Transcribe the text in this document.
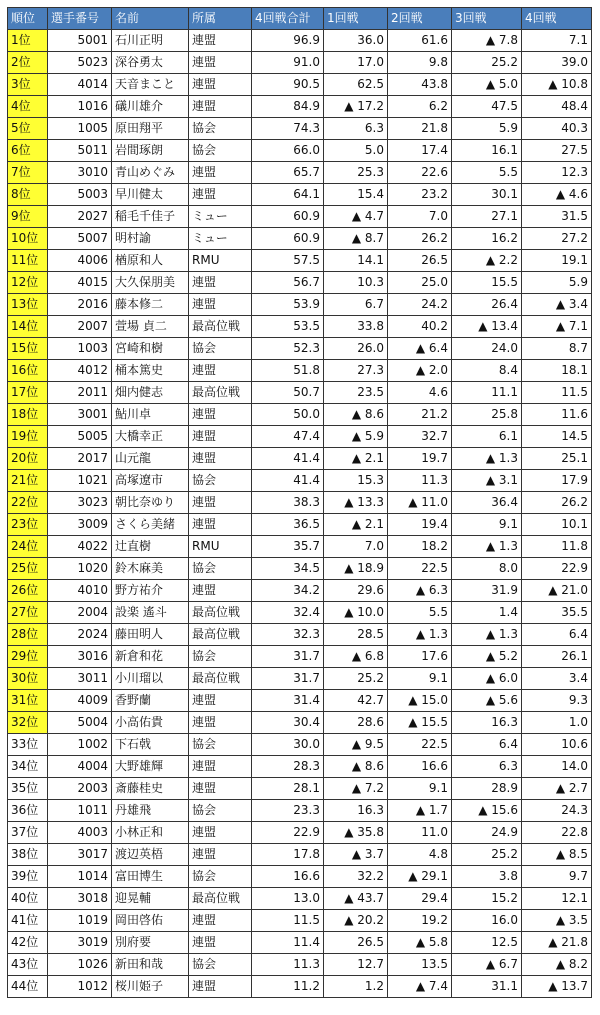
順位	選手番号	名前	所属	4回戦合計	1回戦	2回戦	3回戦	4回戦
1位	5001	石川正明	連盟	96.9	36.0	61.6	▲ 7.8	7.1
2位	5023	深谷勇太	連盟	91.0	17.0	9.8	25.2	39.0
3位	4014	天音まこと	連盟	90.5	62.5	43.8	▲ 5.0	▲ 10.8
4位	1016	礒川雄介	連盟	84.9	▲ 17.2	6.2	47.5	48.4
5位	1005	原田翔平	協会	74.3	6.3	21.8	5.9	40.3
6位	5011	岩間琢朗	協会	66.0	5.0	17.4	16.1	27.5
7位	3010	青山めぐみ	連盟	65.7	25.3	22.6	5.5	12.3
8位	5003	早川健太	連盟	64.1	15.4	23.2	30.1	▲ 4.6
9位	2027	稲毛千佳子	ミュー	60.9	▲ 4.7	7.0	27.1	31.5
10位	5007	明村諭	ミュー	60.9	▲ 8.7	26.2	16.2	27.2
11位	4006	楢原和人	RMU	57.5	14.1	26.5	▲ 2.2	19.1
12位	4015	大久保朋美	連盟	56.7	10.3	25.0	15.5	5.9
13位	2016	藤本修二	連盟	53.9	6.7	24.2	26.4	▲ 3.4
14位	2007	萱場 貞二	最高位戦	53.5	33.8	40.2	▲ 13.4	▲ 7.1
15位	1003	宮崎和樹	協会	52.3	26.0	▲ 6.4	24.0	8.7
16位	4012	桶本篤史	連盟	51.8	27.3	▲ 2.0	8.4	18.1
17位	2011	畑内健志	最高位戦	50.7	23.5	4.6	11.1	11.5
18位	3001	鮎川卓	連盟	50.0	▲ 8.6	21.2	25.8	11.6
19位	5005	大橋幸正	連盟	47.4	▲ 5.9	32.7	6.1	14.5
20位	2017	山元龍	連盟	41.4	▲ 2.1	19.7	▲ 1.3	25.1
21位	1021	高塚遼市	協会	41.4	15.3	11.3	▲ 3.1	17.9
22位	3023	朝比奈ゆり	連盟	38.3	▲ 13.3	▲ 11.0	36.4	26.2
23位	3009	さくら美緒	連盟	36.5	▲ 2.1	19.4	9.1	10.1
24位	4022	辻直樹	RMU	35.7	7.0	18.2	▲ 1.3	11.8
25位	1020	鈴木麻美	協会	34.5	▲ 18.9	22.5	8.0	22.9
26位	4010	野方祐介	連盟	34.2	29.6	▲ 6.3	31.9	▲ 21.0
27位	2004	設楽 遙斗	最高位戦	32.4	▲ 10.0	5.5	1.4	35.5
28位	2024	藤田明人	最高位戦	32.3	28.5	▲ 1.3	▲ 1.3	6.4
29位	3016	新倉和花	協会	31.7	▲ 6.8	17.6	▲ 5.2	26.1
30位	3011	小川瑠以	最高位戦	31.7	25.2	9.1	▲ 6.0	3.4
31位	4009	香野蘭	連盟	31.4	42.7	▲ 15.0	▲ 5.6	9.3
32位	5004	小高佑貴	連盟	30.4	28.6	▲ 15.5	16.3	1.0
33位	1002	下石戟	協会	30.0	▲ 9.5	22.5	6.4	10.6
34位	4004	大野雄輝	連盟	28.3	▲ 8.6	16.6	6.3	14.0
35位	2003	斎藤桂史	連盟	28.1	▲ 7.2	9.1	28.9	▲ 2.7
36位	1011	丹雄飛	協会	23.3	16.3	▲ 1.7	▲ 15.6	24.3
37位	4003	小林正和	連盟	22.9	▲ 35.8	11.0	24.9	22.8
38位	3017	渡辺英梧	連盟	17.8	▲ 3.7	4.8	25.2	▲ 8.5
39位	1014	富田博生	協会	16.6	32.2	▲ 29.1	3.8	9.7
40位	3018	迎晃輔	最高位戦	13.0	▲ 43.7	29.4	15.2	12.1
41位	1019	岡田啓佑	連盟	11.5	▲ 20.2	19.2	16.0	▲ 3.5
42位	3019	別府要	連盟	11.4	26.5	▲ 5.8	12.5	▲ 21.8
43位	1026	新田和哉	協会	11.3	12.7	13.5	▲ 6.7	▲ 8.2
44位	1012	桜川姫子	連盟	11.2	1.2	▲ 7.4	31.1	▲ 13.7
